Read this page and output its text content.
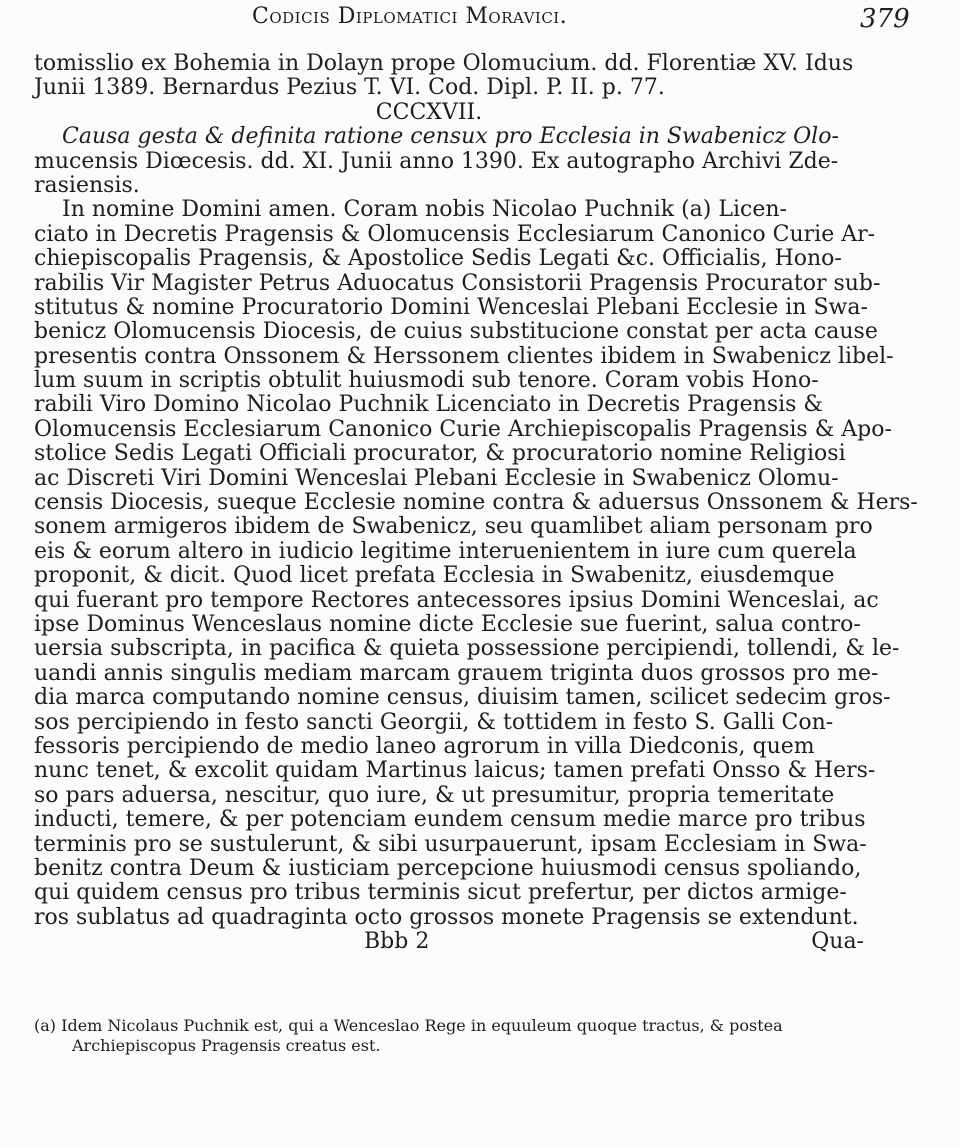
Codicis Diplomatici Moravici.	379
tomisslio ex Bohemia in Dolayn prope Olomucium. dd. Florentiæ XV. Idus
Junii 1389. Bernardus Pezius T. VI. Cod. Dipl. P. II. p. 77.
CCCXVII.
Causa gesta & definita ratione censux pro Ecclesia in Swabenicz Olo-
mucensis Diœcesis. dd. XI. Junii anno 1390. Ex autographo Archivi Zde-
rasiensis.
In nomine Domini amen. Coram nobis Nicolao Puchnik (a) Licen-
ciato in Decretis Pragensis & Olomucensis Ecclesiarum Canonico Curie Ar-
chiepiscopalis Pragensis, & Apostolice Sedis Legati &c. Officialis, Hono-
rabilis Vir Magister Petrus Aduocatus Consistorii Pragensis Procurator sub-
stitutus & nomine Procuratorio Domini Wenceslai Plebani Ecclesie in Swa-
benicz Olomucensis Diocesis, de cuius substitucione constat per acta cause
presentis contra Onssonem & Herssonem clientes ibidem in Swabenicz libel-
lum suum in scriptis obtulit huiusmodi sub tenore. Coram vobis Hono-
rabili Viro Domino Nicolao Puchnik Licenciato in Decretis Pragensis &
Olomucensis Ecclesiarum Canonico Curie Archiepiscopalis Pragensis & Apo-
stolice Sedis Legati Officiali procurator, & procuratorio nomine Religiosi
ac Discreti Viri Domini Wenceslai Plebani Ecclesie in Swabenicz Olomu-
censis Diocesis, sueque Ecclesie nomine contra & aduersus Onssonem & Hers-
sonem armigeros ibidem de Swabenicz, seu quamlibet aliam personam pro
eis & eorum altero in iudicio legitime interuenientem in iure cum querela
proponit, & dicit. Quod licet prefata Ecclesia in Swabenitz, eiusdemque
qui fuerant pro tempore Rectores antecessores ipsius Domini Wenceslai, ac
ipse Dominus Wenceslaus nomine dicte Ecclesie sue fuerint, salua contro-
uersia subscripta, in pacifica & quieta possessione percipiendi, tollendi, & le-
uandi annis singulis mediam marcam grauem triginta duos grossos pro me-
dia marca computando nomine census, diuisim tamen, scilicet sedecim gros-
sos percipiendo in festo sancti Georgii, & tottidem in festo S. Galli Con-
fessoris percipiendo de medio laneo agrorum in villa Diedconis, quem
nunc tenet, & excolit quidam Martinus laicus; tamen prefati Onsso & Hers-
so pars aduersa, nescitur, quo iure, & ut presumitur, propria temeritate
inducti, temere, & per potenciam eundem censum medie marce pro tribus
terminis pro se sustulerunt, & sibi usurpauerunt, ipsam Ecclesiam in Swa-
benitz contra Deum & iusticiam percepcione huiusmodi census spoliando,
qui quidem census pro tribus terminis sicut prefertur, per dictos armige-
ros sublatus ad quadraginta octo grossos monete Pragensis se extendunt.
Bbb 2	Qua-
(a) Idem Nicolaus Puchnik est, qui a Wenceslao Rege in equuleum quoque tractus, & postea
Archiepiscopus Pragensis creatus est.
